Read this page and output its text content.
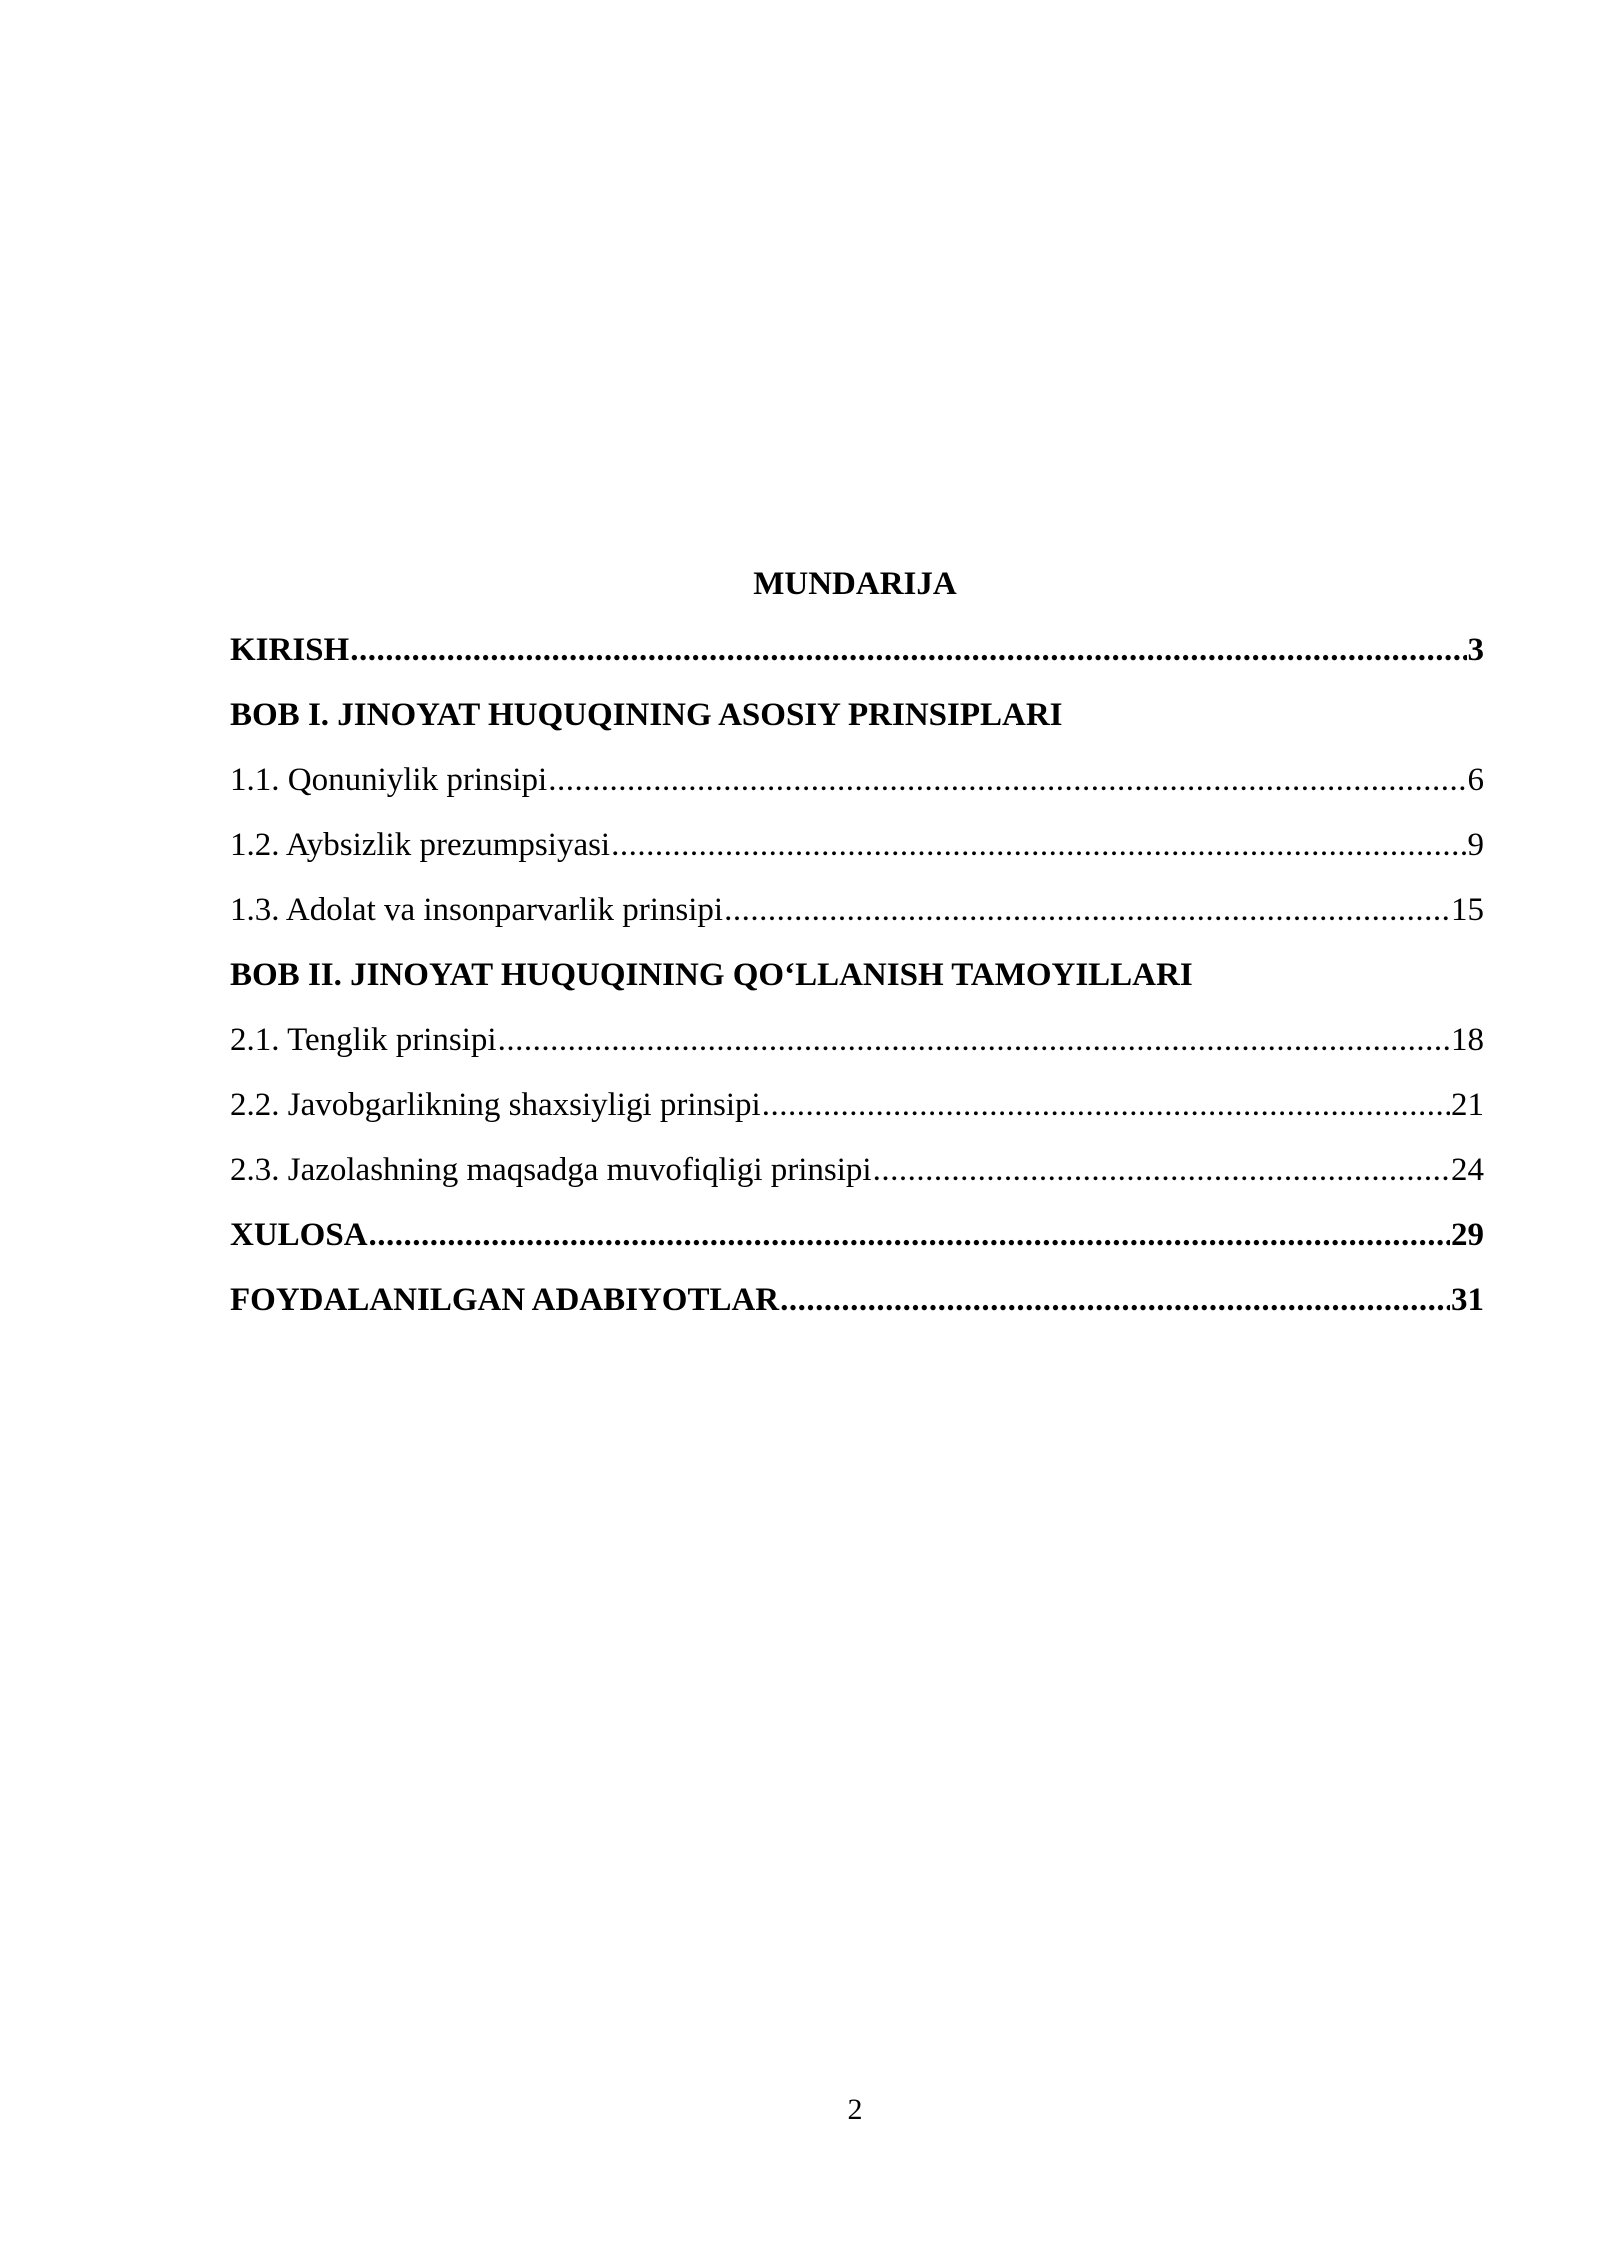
MUNDARIJA
KIRISH .....	3
BOB I. JINOYAT HUQUQINING ASOSIY PRINSIPLARI
1.1. Qonuniylik prinsipi .....	6
1.2. Aybsizlik prezumpsiyasi .....	9
1.3. Adolat va insonparvarlik prinsipi .....	15
BOB II. JINOYAT HUQUQINING QO‘LLANISH TAMOYILLARI
2.1. Tenglik prinsipi .....	18
2.2. Javobgarlikning shaxsiyligi prinsipi .....	21
2.3. Jazolashning maqsadga muvofiqligi prinsipi .....	24
XULOSA .....	29
FOYDALANILGAN ADABIYOTLAR .....	31
2
